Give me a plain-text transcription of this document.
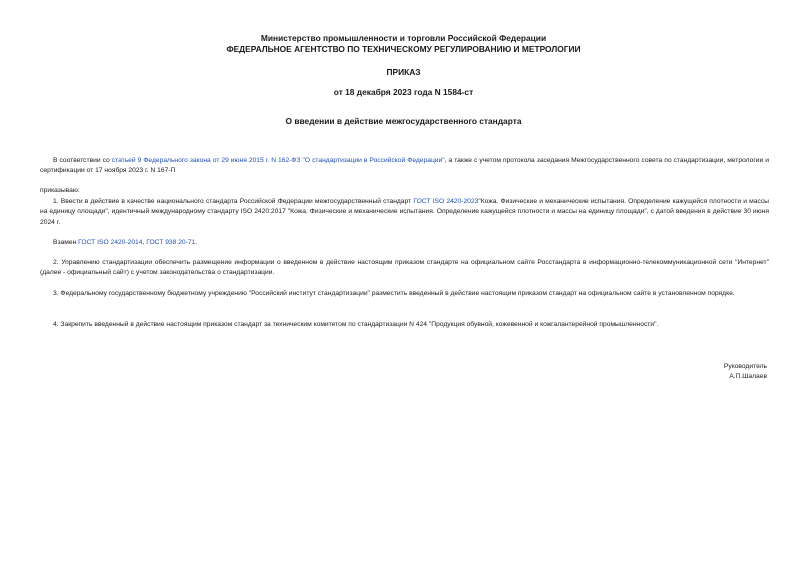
Министерство промышленности и торговли Российской Федерации
ФЕДЕРАЛЬНОЕ АГЕНТСТВО ПО ТЕХНИЧЕСКОМУ РЕГУЛИРОВАНИЮ И МЕТРОЛОГИИ
ПРИКАЗ
от 18 декабря 2023 года N 1584-ст
О введении в действие межгосударственного стандарта

В соответствии со статьей 9 Федерального закона от 29 июня 2015 г. N 162-ФЗ "О стандартизации в Российской Федерации", а также с учетом протокола заседания Межгосударственного совета по стандартизации, метрологии и сертификации от 17 ноября 2023 г. N 167-П

приказываю:

1. Ввести в действие в качестве национального стандарта Российской Федерации межгосударственный стандарт ГОСТ ISO 2420-2023"Кожа. Физические и механические испытания. Определение кажущейся плотности и массы на единицу площади", идентичный международному стандарту ISO 2420:2017 "Кожа. Физические и механические испытания. Определение кажущейся плотности и массы на единицу площади", с датой введения в действие 30 июня 2024 г.

Взамен ГОСТ ISO 2420-2014, ГОСТ 938.20-71.

2. Управлению стандартизации обеспечить размещение информации о введенном в действие настоящим приказом стандарте на официальном сайте Росстандарта в информационно-телекоммуникационной сети "Интернет" (далее - официальный сайт) с учетом законодательства о стандартизации.

3. Федеральному государственному бюджетному учреждению "Российский институт стандартизации" разместить введенный в действие настоящим приказом стандарт на официальном сайте в установленном порядке.

4. Закрепить введенный в действие настоящим приказом стандарт за техническим комитетом по стандартизации N 424 "Продукция обувной, кожевенной и кожгалантерейной промышленности".

Руководитель
А.П.Шалаев
